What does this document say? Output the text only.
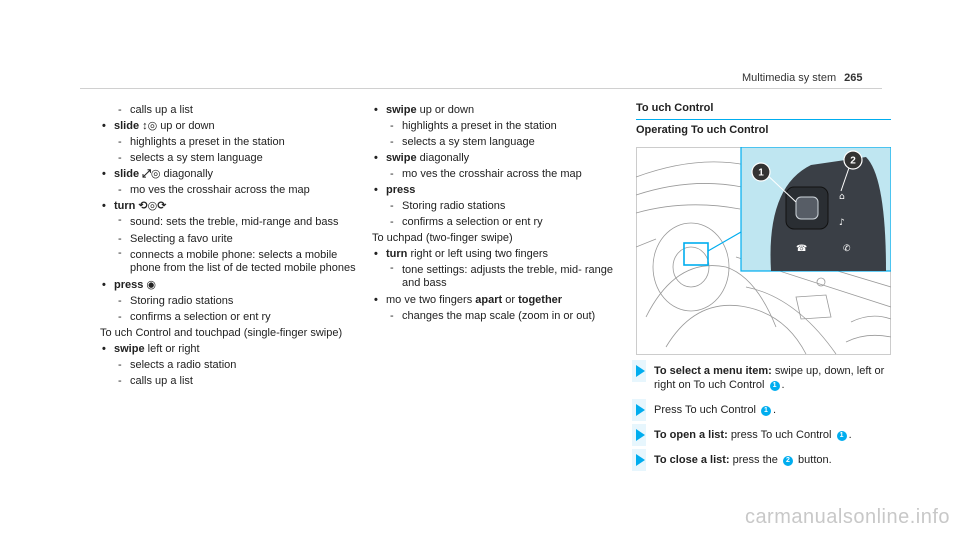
Multimedia sy stem 265
- calls up a list
• slide ↕◎ up or down
- highlights a preset in the station
- selects a sy stem language
• slide ⤢◎ diagonally
- mo ves the crosshair across the map
• turn ⟲◎⟳
- sound: sets the treble, mid-range and bass
- Selecting a favo urite
- connects a mobile phone: selects a mobile phone from the list of de tected mobile phones
• press ◉
- Storing radio stations
- confirms a selection or ent ry
To uch Control and touchpad (single-finger swipe)
• swipe left or right
- selects a radio station
- calls up a list
• swipe up or down
- highlights a preset in the station
- selects a sy stem language
• swipe diagonally
- mo ves the crosshair across the map
• press
- Storing radio stations
- confirms a selection or ent ry
To uchpad (two-finger swipe)
• turn right or left using two fingers
- tone settings: adjusts the treble, mid- range and bass
• mo ve two fingers apart or together
- changes the map scale (zoom in or out)
To uch Control
Operating To uch Control
⌂
♪
☎	✆
1
2
To select a menu item: swipe up, down, left or right on To uch Control 1 .
Press To uch Control 1 .
To open a list: press To uch Control 1 .
To close a list: press the 2 button.
carmanualsonline.info
